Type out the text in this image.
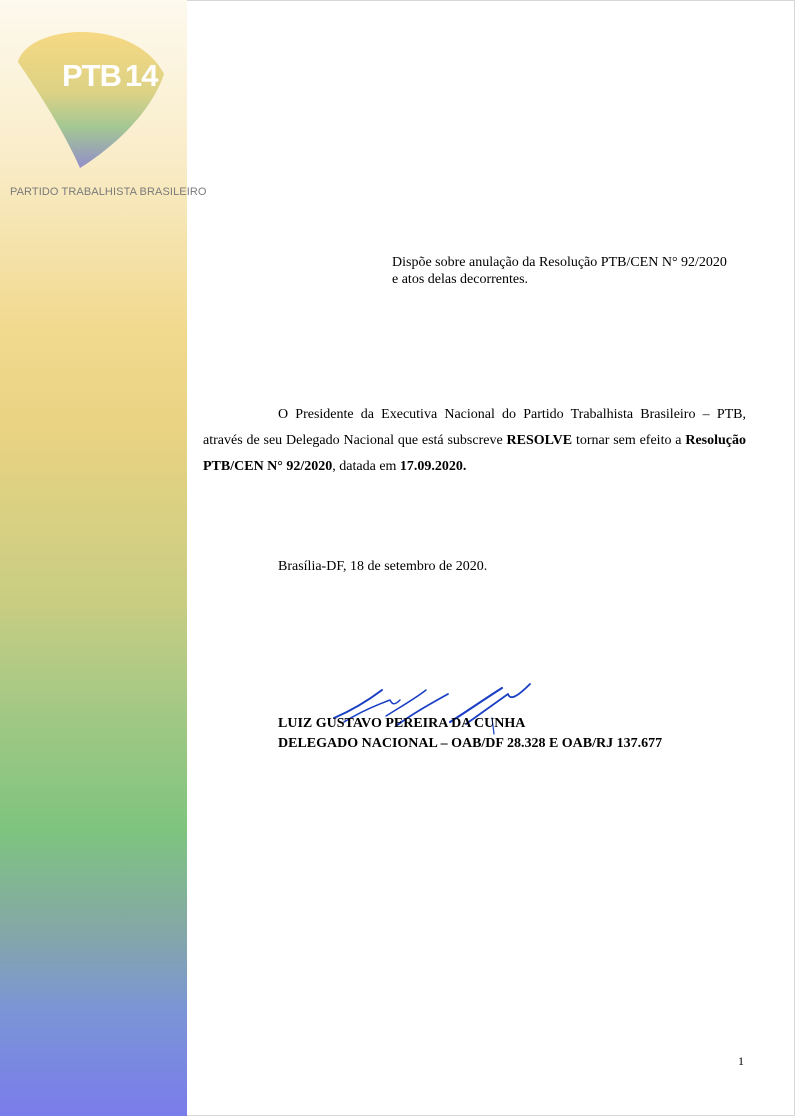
PTB 14
PARTIDO TRABALHISTA BRASILEIRO
Dispõe sobre anulação da Resolução PTB/CEN N° 92/2020
e atos delas decorrentes.
O Presidente da Executiva Nacional do Partido Trabalhista Brasileiro – PTB, através de seu Delegado Nacional que está subscreve RESOLVE tornar sem efeito a Resolução PTB/CEN N° 92/2020, datada em 17.09.2020.
Brasília-DF, 18 de setembro de 2020.
LUIZ GUSTAVO PEREIRA DA CUNHA
DELEGADO NACIONAL – OAB/DF 28.328 E OAB/RJ 137.677
1
